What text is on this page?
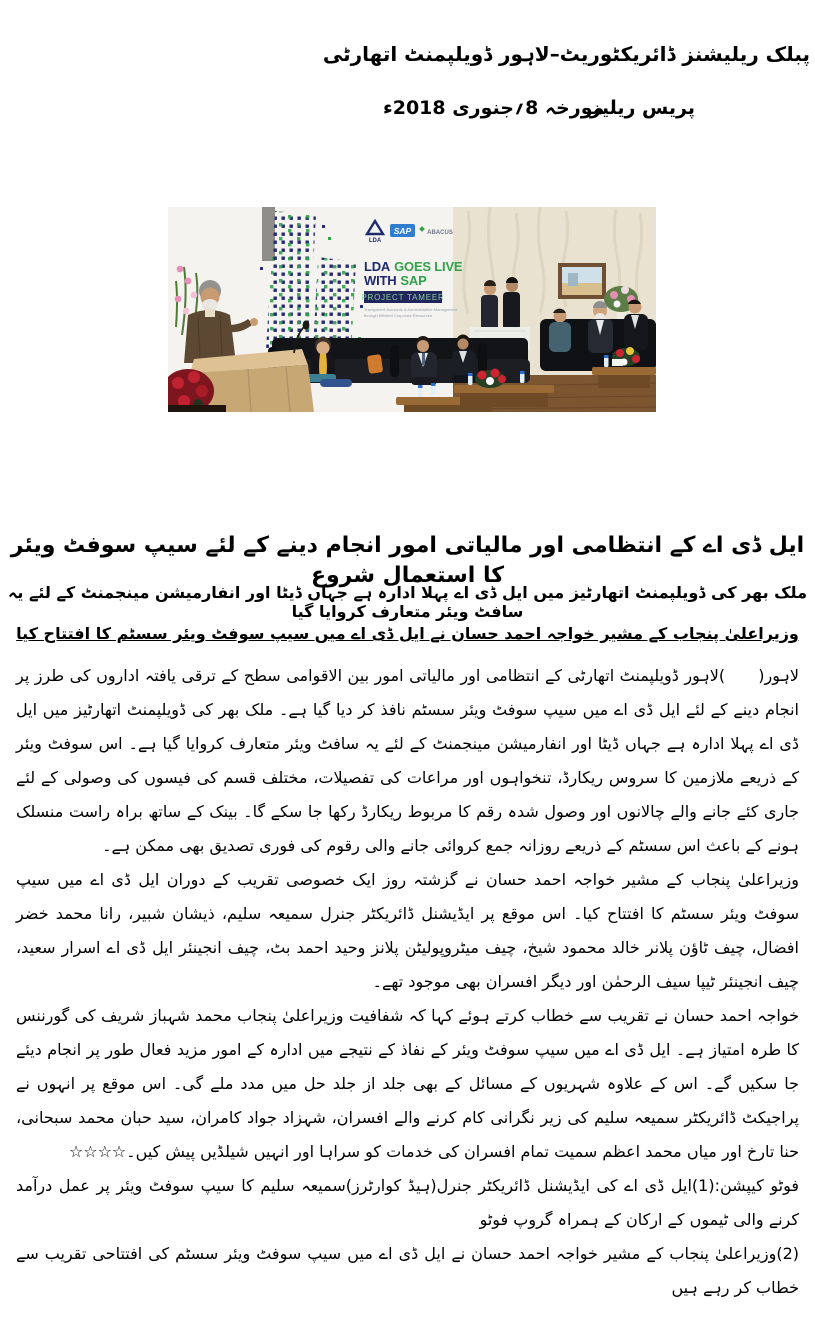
پبلک ریلیشنز ڈائریکٹوریٹ–لاہور ڈویلپمنٹ اتھارٹی
مورخہ 8؍جنوری 2018ء
پریس ریلیز
LDA
SAP	ABACUS
LDA GOES LIVE
WITH SAP
PROJECT TAMEER
Transparent Accounts & Administrative Management
through Efficient Corporate Resources
ایل ڈی اے کے انتظامی اور مالیاتی امور انجام دینے کے لئے سیپ سوفٹ ویئر کا استعمال شروع
ملک بھر کی ڈویلپمنٹ اتھارٹیز میں ایل ڈی اے پہلا ادارہ ہے جہاں ڈیٹا اور انفارمیشن مینجمنٹ کے لئے یہ سافٹ ویئر متعارف کروایا گیا
وزیراعلیٰ پنجاب کے مشیر خواجہ احمد حسان نے ایل ڈی اے میں سیپ سوفٹ ویئر سسٹم کا افتتاح کیا

لاہور(      )لاہور ڈویلپمنٹ اتھارٹی کے انتظامی اور مالیاتی امور بین الاقوامی سطح کے ترقی یافتہ اداروں کی طرز پر انجام دینے کے لئے ایل ڈی اے میں سیپ سوفٹ ویئر سسٹم نافذ کر دیا گیا ہے۔ ملک بھر کی ڈویلپمنٹ اتھارٹیز میں ایل ڈی اے پہلا ادارہ ہے جہاں ڈیٹا اور انفارمیشن مینجمنٹ کے لئے یہ سافٹ ویئر متعارف کروایا گیا ہے۔ اس سوفٹ ویئر کے ذریعے ملازمین کا سروس ریکارڈ، تنخواہوں اور مراعات کی تفصیلات، مختلف قسم کی فیسوں کی وصولی کے لئے جاری کئے جانے والے چالانوں اور وصول شدہ رقم کا مربوط ریکارڈ رکھا جا سکے گا۔ بینک کے ساتھ براہ راست منسلک ہونے کے باعث اس سسٹم کے ذریعے روزانہ جمع کروائی جانے والی رقوم کی فوری تصدیق بھی ممکن ہے۔

وزیراعلیٰ پنجاب کے مشیر خواجہ احمد حسان نے گزشتہ روز ایک خصوصی تقریب کے دوران ایل ڈی اے میں سیپ سوفٹ ویئر سسٹم کا افتتاح کیا۔ اس موقع پر ایڈیشنل ڈائریکٹر جنرل سمیعہ سلیم، ذیشان شبیر، رانا محمد خضر افضال، چیف ٹاؤن پلانر خالد محمود شیخ، چیف میٹروپولیٹن پلانز وحید احمد بٹ، چیف انجینئر ایل ڈی اے اسرار سعید، چیف انجینئر ٹیپا سیف الرحمٰن اور دیگر افسران بھی موجود تھے۔

خواجہ احمد حسان نے تقریب سے خطاب کرتے ہوئے کہا کہ شفافیت وزیراعلیٰ پنجاب محمد شہباز شریف کی گورننس کا طرہ امتیاز ہے۔ ایل ڈی اے میں سیپ سوفٹ ویئر کے نفاذ کے نتیجے میں ادارہ کے امور مزید فعال طور پر انجام دیئے جا سکیں گے۔ اس کے علاوہ شہریوں کے مسائل کے بھی جلد از جلد حل میں مدد ملے گی۔ اس موقع پر انہوں نے پراجیکٹ ڈائریکٹر سمیعہ سلیم کی زیر نگرانی کام کرنے والے افسران، شہزاد جواد کامران، سید حبان محمد سبحانی، حنا تارخ اور میاں محمد اعظم سمیت تمام افسران کی خدمات کو سراہا اور انہیں شیلڈیں پیش کیں۔☆☆☆☆

فوٹو کیپشن:(1)ایل ڈی اے کی ایڈیشنل ڈائریکٹر جنرل(ہیڈ کوارٹرز)سمیعہ سلیم کا سیپ سوفٹ ویئر پر عمل درآمد کرنے والی ٹیموں کے ارکان کے ہمراہ گروپ فوٹو

(2)وزیراعلیٰ پنجاب کے مشیر خواجہ احمد حسان نے ایل ڈی اے میں سیپ سوفٹ ویئر سسٹم کی افتتاحی تقریب سے خطاب کر رہے ہیں
